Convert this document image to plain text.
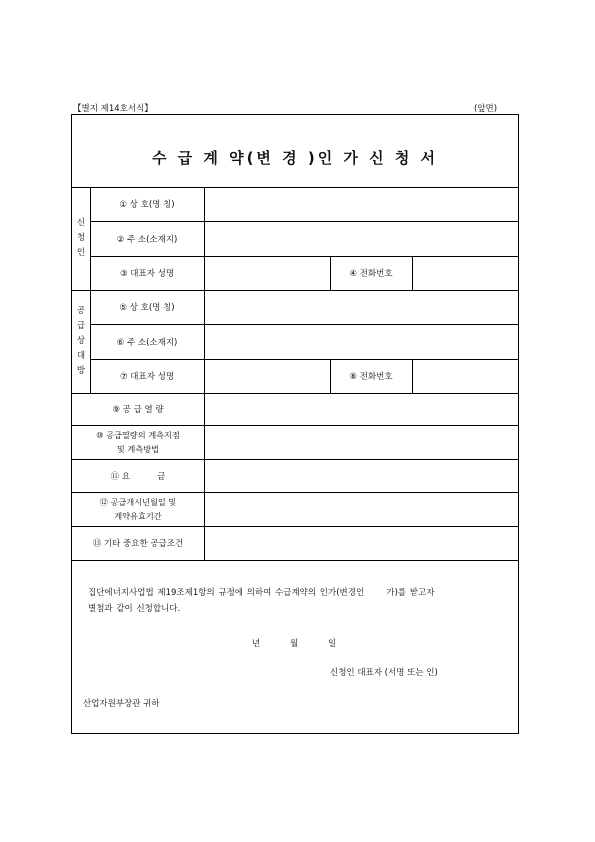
【별지 제14호서식】	(앞면)
수 급 계 약(변 경 )인 가 신 청 서
신
청
인
① 상 호(명 칭)
② 주 소(소재지)
③ 대표자 성명	④ 전화번호
공
급
상
대
방
⑤ 상 호(명 칭)
⑥ 주 소(소재지)
⑦ 대표자 성명	⑧ 전화번호
⑨ 공 급 열 량
⑩ 공급열량의 계측지점
및 계측방법
⑪ 요          금
⑫ 공급개시년월일 및
계약유효기간
⑬ 기타 중요한 공급조건
집단에너지사업법 제19조제1항의 규정에 의하여 수급계약의 인가(변경인      가)를 받고자
별첨과 같이 신청합니다.
년	월	일
신청인 대표자 (서명 또는 인)
산업자원부장관 귀하
